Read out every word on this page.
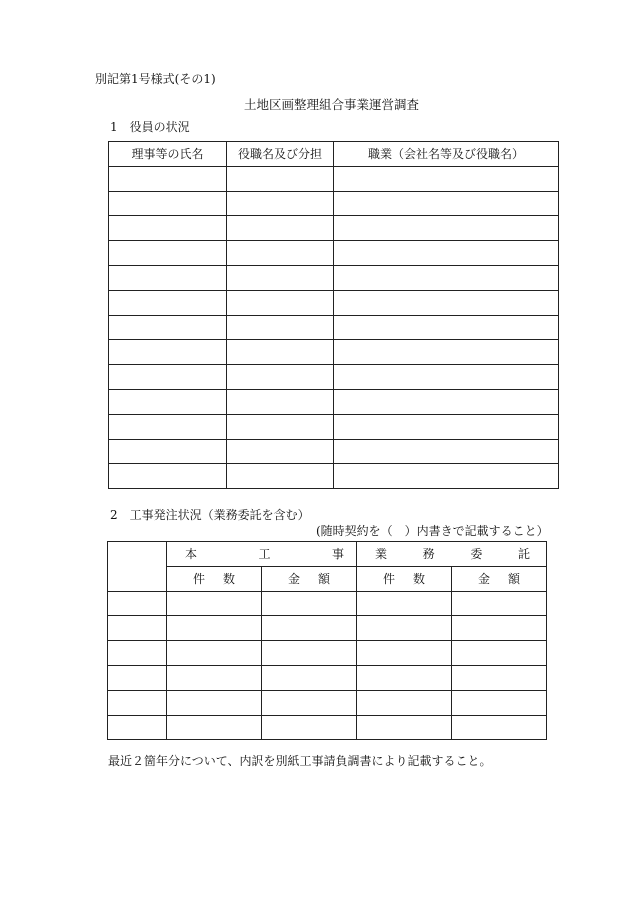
別記第1号様式(その1)
土地区画整理組合事業運営調査
1　役員の状況
理事等の氏名	役職名及び分担	職業（会社名等及び役職名）

2　工事発注状況（業務委託を含む）
(随時契約を（　）内書きで記載すること）

	本 工 事		業 務 委 託	

	件 数	金 額	件 数	金 額

最近２箇年分について、内訳を別紙工事請負調書により記載すること。
